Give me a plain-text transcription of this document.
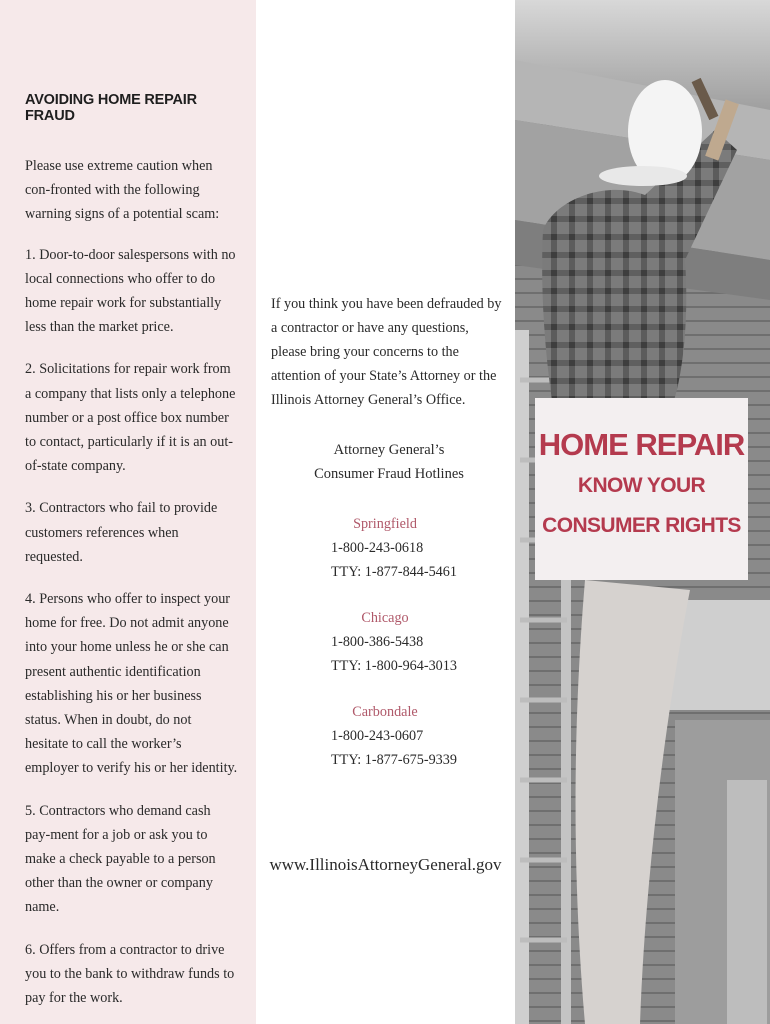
AVOIDING HOME REPAIR FRAUD

Please use extreme caution when con-fronted with the following warning signs of a potential scam:

1. Door-to-door salespersons with no local connections who offer to do home repair work for substantially less than the market price.

2. Solicitations for repair work from a company that lists only a telephone number or a post office box number to contact, particularly if it is an out-of-state company.

3. Contractors who fail to provide customers references when requested.

4. Persons who offer to inspect your home for free. Do not admit anyone into your home unless he or she can present authentic identification establishing his or her business status. When in doubt, do not hesitate to call the worker’s employer to verify his or her identity.

5. Contractors who demand cash pay-ment for a job or ask you to make a check payable to a person other than the owner or company name.

6. Offers from a contractor to drive you to the bank to withdraw funds to pay for the work.

If you think you have been defrauded by a contractor or have any questions, please bring your concerns to the attention of your State’s Attorney or the Illinois Attorney General’s Office.

Attorney General’s
Consumer Fraud Hotlines
Springfield
1-800-243-0618
TTY: 1-877-844-5461
Chicago
1-800-386-5438
TTY: 1-800-964-3013
Carbondale
1-800-243-0607
TTY: 1-877-675-9339
www.IllinoisAttorneyGeneral.gov
HOME REPAIR
KNOW YOUR
CONSUMER RIGHTS
